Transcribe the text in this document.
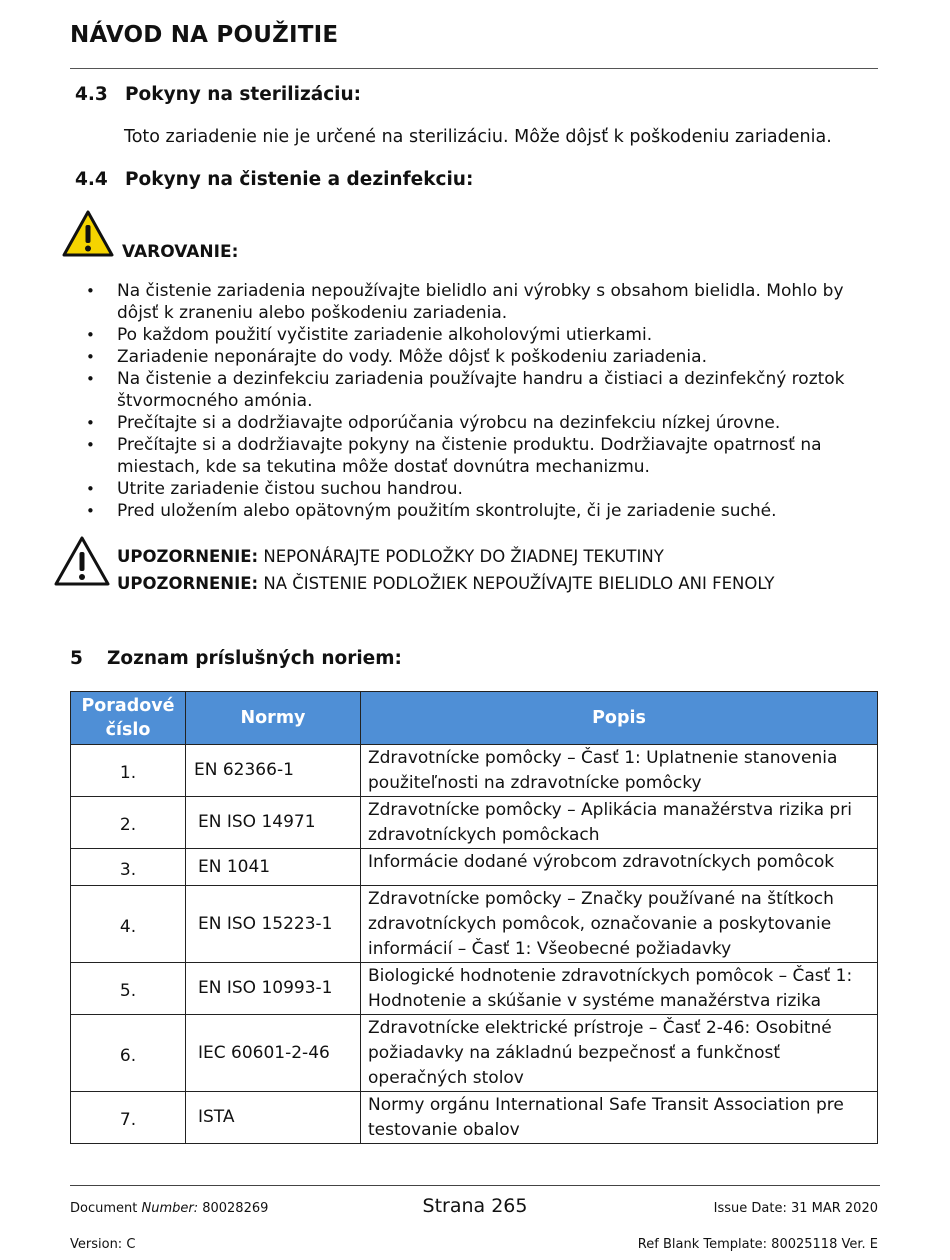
NÁVOD NA POUŽITIE
4.3 Pokyny na sterilizáciu:
Toto zariadenie nie je určené na sterilizáciu. Môže dôjsť k poškodeniu zariadenia.
4.4 Pokyny na čistenie a dezinfekciu:
VAROVANIE:
• Na čistenie zariadenia nepoužívajte bielidlo ani výrobky s obsahom bielidla. Mohlo by dôjsť k zraneniu alebo poškodeniu zariadenia.
• Po každom použití vyčistite zariadenie alkoholovými utierkami.
• Zariadenie neponárajte do vody. Môže dôjsť k poškodeniu zariadenia.
• Na čistenie a dezinfekciu zariadenia používajte handru a čistiaci a dezinfekčný roztok štvormocného amónia.
• Prečítajte si a dodržiavajte odporúčania výrobcu na dezinfekciu nízkej úrovne.
• Prečítajte si a dodržiavajte pokyny na čistenie produktu. Dodržiavajte opatrnosť na miestach, kde sa tekutina môže dostať dovnútra mechanizmu.
• Utrite zariadenie čistou suchou handrou.
• Pred uložením alebo opätovným použitím skontrolujte, či je zariadenie suché.
UPOZORNENIE: NEPONÁRAJTE PODLOŽKY DO ŽIADNEJ TEKUTINY
UPOZORNENIE: NA ČISTENIE PODLOŽIEK NEPOUŽÍVAJTE BIELIDLO ANI FENOLY
5 Zoznam príslušných noriem:
Poradové
číslo	Normy	Popis
1.	EN 62366-1	Zdravotnícke pomôcky – Časť 1: Uplatnenie stanovenia
použiteľnosti na zdravotnícke pomôcky
2.	EN ISO 14971	Zdravotnícke pomôcky – Aplikácia manažérstva rizika pri
zdravotníckych pomôckach
3.	EN 1041	Informácie dodané výrobcom zdravotníckych pomôcok
4.	EN ISO 15223-1	Zdravotnícke pomôcky – Značky používané na štítkoch
zdravotníckych pomôcok, označovanie a poskytovanie
informácií – Časť 1: Všeobecné požiadavky
5.	EN ISO 10993-1	Biologické hodnotenie zdravotníckych pomôcok – Časť 1:
Hodnotenie a skúšanie v systéme manažérstva rizika
6.	IEC 60601-2-46	Zdravotnícke elektrické prístroje – Časť 2-46: Osobitné
požiadavky na základnú bezpečnosť a funkčnosť
operačných stolov
7.	ISTA	Normy orgánu International Safe Transit Association pre
testovanie obalov
Document Number: 80028269	Strana 265	Issue Date: 31 MAR 2020
Version: C	Ref Blank Template: 80025118 Ver. E
